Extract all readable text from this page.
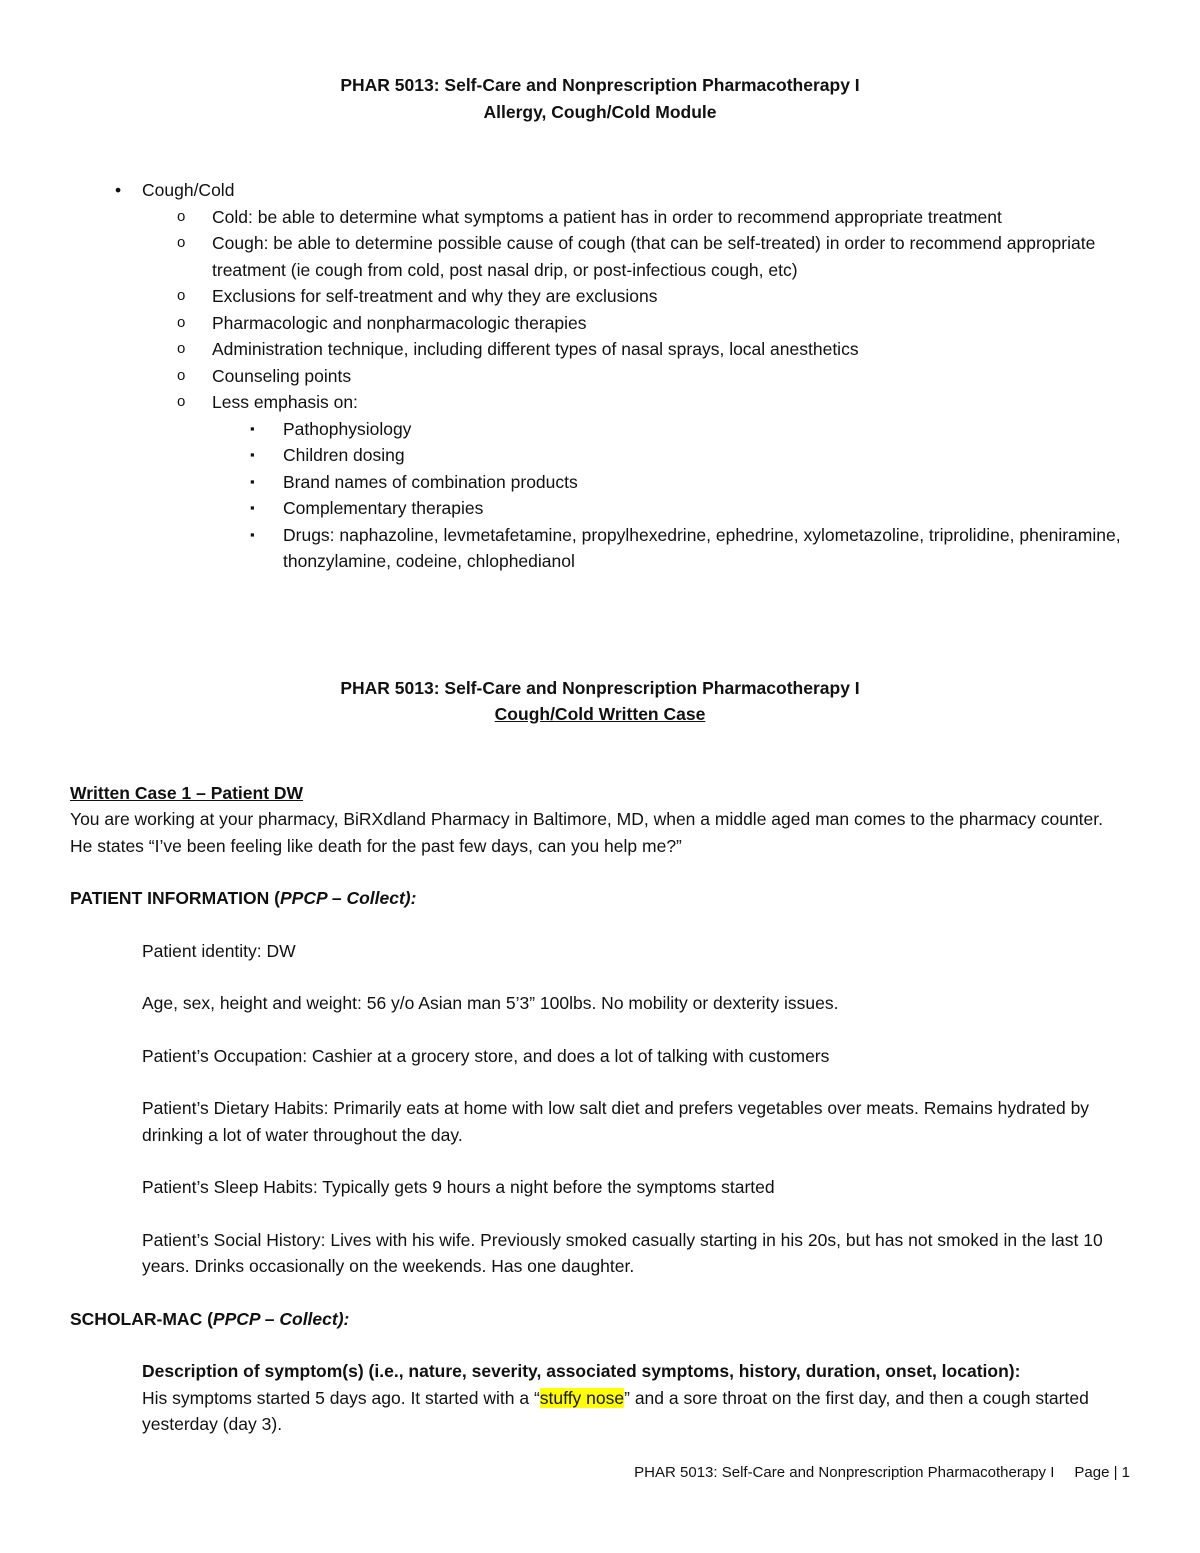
PHAR 5013: Self-Care and Nonprescription Pharmacotherapy I
Allergy, Cough/Cold Module
• Cough/Cold
o Cold: be able to determine what symptoms a patient has in order to recommend appropriate treatment
o Cough: be able to determine possible cause of cough (that can be self-treated) in order to recommend appropriate treatment (ie cough from cold, post nasal drip, or post-infectious cough, etc)
o Exclusions for self-treatment and why they are exclusions
o Pharmacologic and nonpharmacologic therapies
o Administration technique, including different types of nasal sprays, local anesthetics
o Counseling points
o Less emphasis on:
▪ Pathophysiology
▪ Children dosing
▪ Brand names of combination products
▪ Complementary therapies
▪ Drugs: naphazoline, levmetafetamine, propylhexedrine, ephedrine, xylometazoline, triprolidine, pheniramine, thonzylamine, codeine, chlophedianol
PHAR 5013: Self-Care and Nonprescription Pharmacotherapy I
Cough/Cold Written Case

Written Case 1 – Patient DW

You are working at your pharmacy, BiRXdland Pharmacy in Baltimore, MD, when a middle aged man comes to the pharmacy counter. He states “I’ve been feeling like death for the past few days, can you help me?”

PATIENT INFORMATION (PPCP – Collect):

Patient identity: DW

Age, sex, height and weight: 56 y/o Asian man 5’3” 100lbs. No mobility or dexterity issues.

Patient’s Occupation: Cashier at a grocery store, and does a lot of talking with customers

Patient’s Dietary Habits: Primarily eats at home with low salt diet and prefers vegetables over meats. Remains hydrated by drinking a lot of water throughout the day.

Patient’s Sleep Habits: Typically gets 9 hours a night before the symptoms started

Patient’s Social History: Lives with his wife. Previously smoked casually starting in his 20s, but has not smoked in the last 10 years. Drinks occasionally on the weekends. Has one daughter.

SCHOLAR-MAC (PPCP – Collect):

Description of symptom(s) (i.e., nature, severity, associated symptoms, history, duration, onset, location):

His symptoms started 5 days ago. It started with a “stuffy nose” and a sore throat on the first day, and then a cough started yesterday (day 3).

PHAR 5013: Self-Care and Nonprescription Pharmacotherapy I Page | 1
